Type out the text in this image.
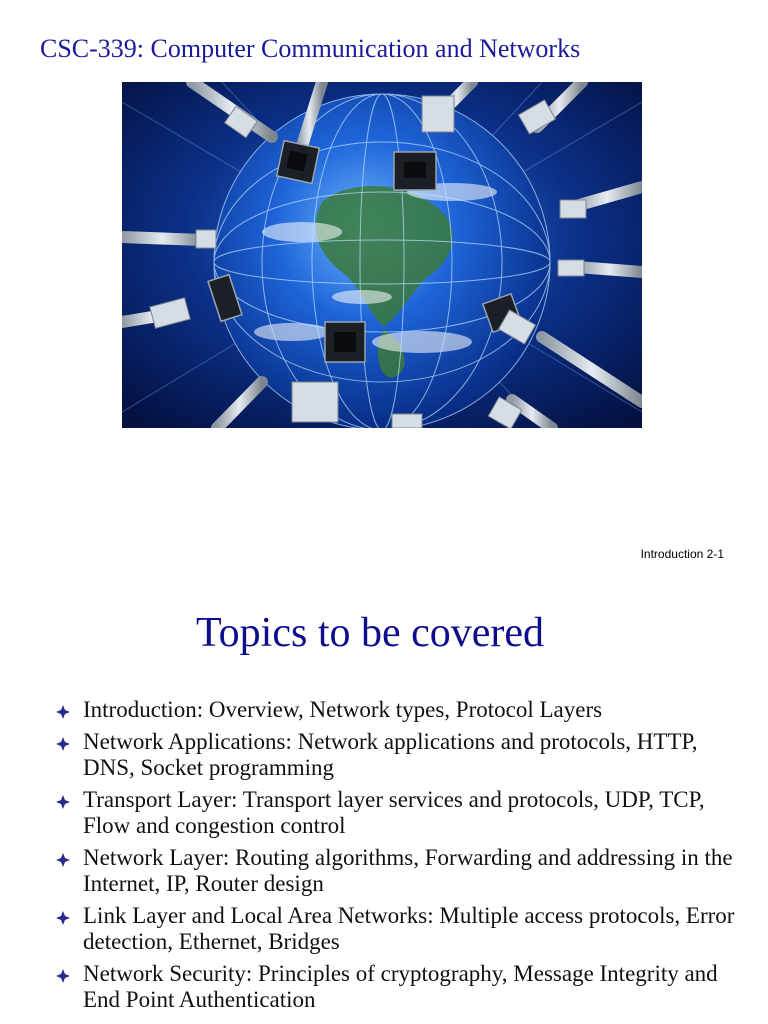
CSC-339: Computer Communication and Networks
Introduction 2-1
Topics to be covered
Introduction: Overview, Network types, Protocol Layers
Network Applications: Network applications and protocols, HTTP, DNS, Socket programming
Transport Layer: Transport layer services and protocols, UDP, TCP, Flow and congestion control
Network Layer: Routing algorithms, Forwarding and addressing in the Internet, IP, Router design
Link Layer and Local Area Networks: Multiple access protocols, Error detection, Ethernet, Bridges
Network Security: Principles of cryptography, Message Integrity and End Point Authentication
